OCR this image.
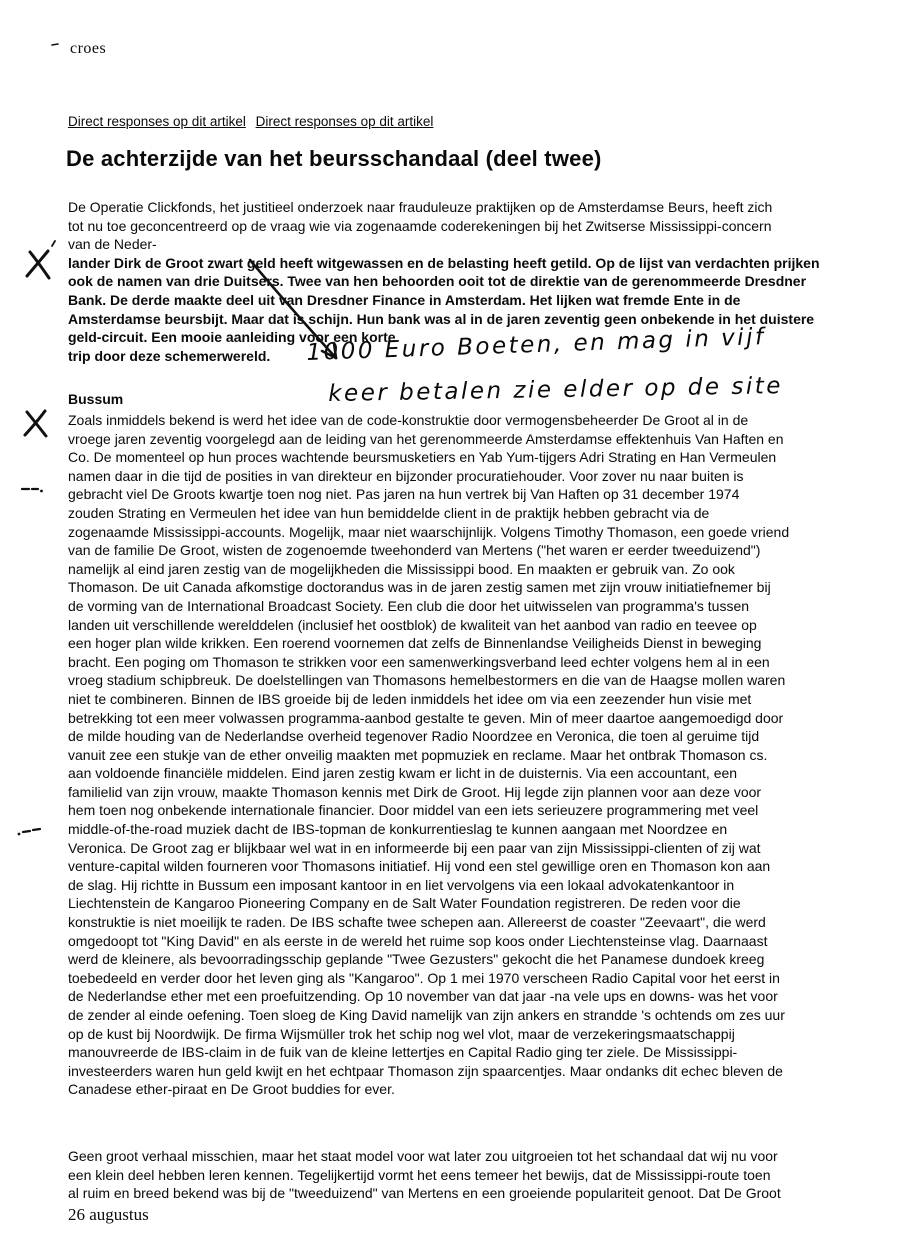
croes
Direct responses op dit artikel Direct responses op dit artikel
De achterzijde van het beursschandaal (deel twee)
De Operatie Clickfonds, het justitieel onderzoek naar frauduleuze praktijken op de Amsterdamse Beurs, heeft zich
tot nu toe geconcentreerd op de vraag wie via zogenaamde coderekeningen bij het Zwitserse Mississippi-concern
van de Neder-
lander Dirk de Groot zwart geld heeft witgewassen en de belasting heeft getild. Op de lijst van verdachten prijken
ook de namen van drie Duitsers. Twee van hen behoorden ooit tot de direktie van de gerenommeerde Dresdner
Bank. De derde maakte deel uit van Dresdner Finance in Amsterdam. Het lijken wat fremde Ente in de
Amsterdamse beursbijt. Maar dat is schijn. Hun bank was al in de jaren zeventig geen onbekende in het duistere
geld-circuit. Een mooie aanleiding voor een korte
trip door deze schemerwereld.
Bussum
Zoals inmiddels bekend is werd het idee van de code-konstruktie door vermogensbeheerder De Groot al in de
vroege jaren zeventig voorgelegd aan de leiding van het gerenommeerde Amsterdamse effektenhuis Van Haften en
Co. De momenteel op hun proces wachtende beursmusketiers en Yab Yum-tijgers Adri Strating en Han Vermeulen
namen daar in die tijd de posities in van direkteur en bijzonder procuratiehouder. Voor zover nu naar buiten is
gebracht viel De Groots kwartje toen nog niet. Pas jaren na hun vertrek bij Van Haften op 31 december 1974
zouden Strating en Vermeulen het idee van hun bemiddelde client in de praktijk hebben gebracht via de
zogenaamde Mississippi-accounts. Mogelijk, maar niet waarschijnlijk. Volgens Timothy Thomason, een goede vriend
van de familie De Groot, wisten de zogenoemde tweehonderd van Mertens ("het waren er eerder tweeduizend")
namelijk al eind jaren zestig van de mogelijkheden die Mississippi bood. En maakten er gebruik van. Zo ook
Thomason. De uit Canada afkomstige doctorandus was in de jaren zestig samen met zijn vrouw initiatiefnemer bij
de vorming van de International Broadcast Society. Een club die door het uitwisselen van programma's tussen
landen uit verschillende werelddelen (inclusief het oostblok) de kwaliteit van het aanbod van radio en teevee op
een hoger plan wilde krikken. Een roerend voornemen dat zelfs de Binnenlandse Veiligheids Dienst in beweging
bracht. Een poging om Thomason te strikken voor een samenwerkingsverband leed echter volgens hem al in een
vroeg stadium schipbreuk. De doelstellingen van Thomasons hemelbestormers en die van de Haagse mollen waren
niet te combineren. Binnen de IBS groeide bij de leden inmiddels het idee om via een zeezender hun visie met
betrekking tot een meer volwassen programma-aanbod gestalte te geven. Min of meer daartoe aangemoedigd door
de milde houding van de Nederlandse overheid tegenover Radio Noordzee en Veronica, die toen al geruime tijd
vanuit zee een stukje van de ether onveilig maakten met popmuziek en reclame. Maar het ontbrak Thomason cs.
aan voldoende financiële middelen. Eind jaren zestig kwam er licht in de duisternis. Via een accountant, een
familielid van zijn vrouw, maakte Thomason kennis met Dirk de Groot. Hij legde zijn plannen voor aan deze voor
hem toen nog onbekende internationale financier. Door middel van een iets serieuzere programmering met veel
middle-of-the-road muziek dacht de IBS-topman de konkurrentieslag te kunnen aangaan met Noordzee en
Veronica. De Groot zag er blijkbaar wel wat in en informeerde bij een paar van zijn Mississippi-clienten of zij wat
venture-capital wilden fourneren voor Thomasons initiatief. Hij vond een stel gewillige oren en Thomason kon aan
de slag. Hij richtte in Bussum een imposant kantoor in en liet vervolgens via een lokaal advokatenkantoor in
Liechtenstein de Kangaroo Pioneering Company en de Salt Water Foundation registreren. De reden voor die
konstruktie is niet moeilijk te raden. De IBS schafte twee schepen aan. Allereerst de coaster "Zeevaart", die werd
omgedoopt tot "King David" en als eerste in de wereld het ruime sop koos onder Liechtensteinse vlag. Daarnaast
werd de kleinere, als bevoorradingsschip geplande "Twee Gezusters" gekocht die het Panamese dundoek kreeg
toebedeeld en verder door het leven ging als "Kangaroo". Op 1 mei 1970 verscheen Radio Capital voor het eerst in
de Nederlandse ether met een proefuitzending. Op 10 november van dat jaar -na vele ups en downs- was het voor
de zender al einde oefening. Toen sloeg de King David namelijk van zijn ankers en strandde 's ochtends om zes uur
op de kust bij Noordwijk. De firma Wijsmüller trok het schip nog wel vlot, maar de verzekeringsmaatschappij
manouvreerde de IBS-claim in de fuik van de kleine lettertjes en Capital Radio ging ter ziele. De Mississippi-
investeerders waren hun geld kwijt en het echtpaar Thomason zijn spaarcentjes. Maar ondanks dit echec bleven de
Canadese ether-piraat en De Groot buddies for ever.
Geen groot verhaal misschien, maar het staat model voor wat later zou uitgroeien tot het schandaal dat wij nu voor
een klein deel hebben leren kennen. Tegelijkertijd vormt het eens temeer het bewijs, dat de Mississippi-route toen
al ruim en breed bekend was bij de "tweeduizend" van Mertens en een groeiende populariteit genoot. Dat De Groot
26 augustus
1000 Euro Boeten, en mag in vijf
keer betalen zie elder op de site
